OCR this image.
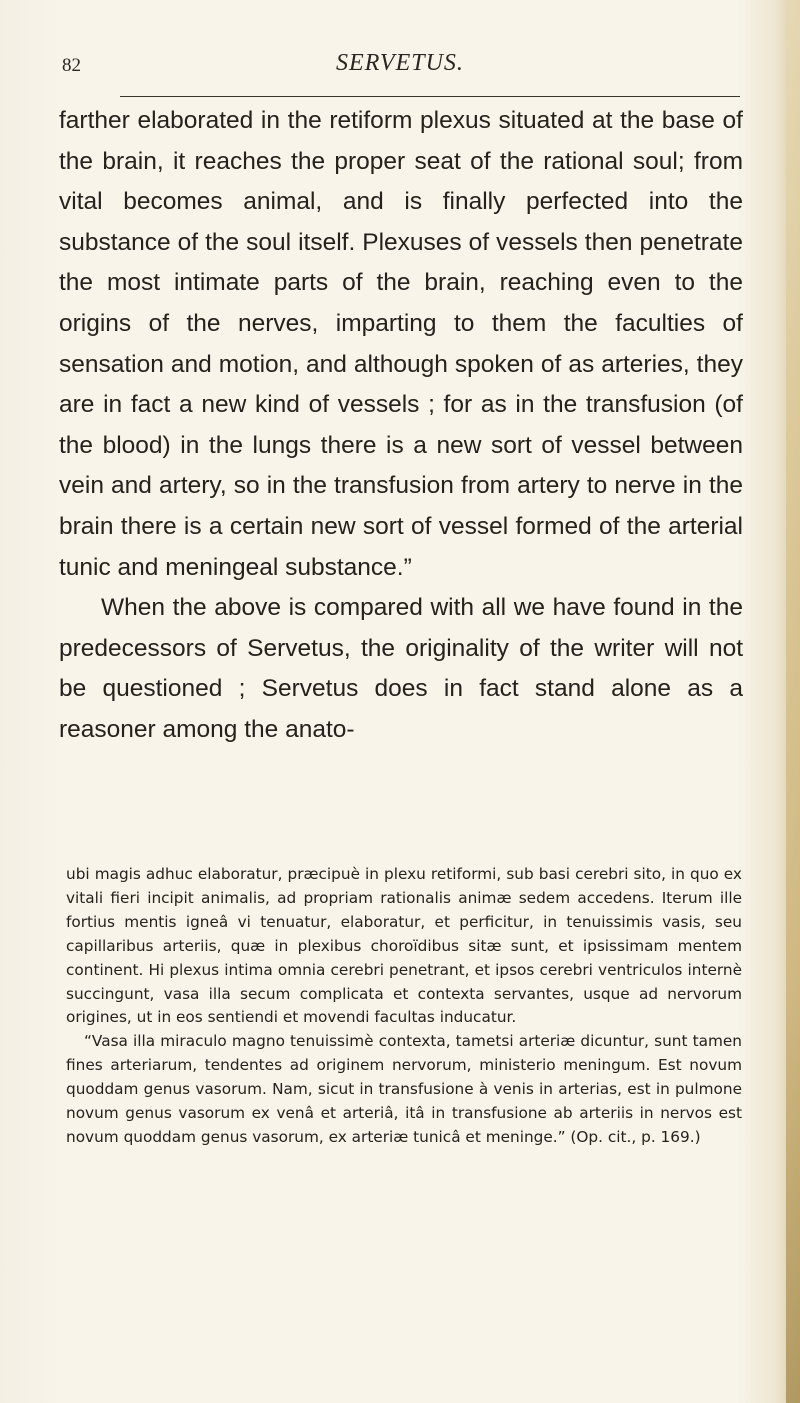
82	SERVETUS.

farther elaborated in the retiform plexus situated at the base of the brain, it reaches the proper seat of the rational soul; from vital becomes animal, and is finally perfected into the substance of the soul itself. Plexuses of vessels then penetrate the most intimate parts of the brain, reaching even to the origins of the nerves, imparting to them the faculties of sensation and motion, and although spoken of as arteries, they are in fact a new kind of vessels ; for as in the transfusion (of the blood) in the lungs there is a new sort of vessel between vein and artery, so in the transfusion from artery to nerve in the brain there is a certain new sort of vessel formed of the arterial tunic and meningeal substance.”

When the above is compared with all we have found in the predecessors of Servetus, the originality of the writer will not be questioned ; Servetus does in fact stand alone as a reasoner among the anato-

ubi magis adhuc elaboratur, præcipuè in plexu retiformi, sub basi cerebri sito, in quo ex vitali fieri incipit animalis, ad propriam rationalis animæ sedem accedens. Iterum ille fortius mentis igneâ vi tenuatur, elaboratur, et perficitur, in tenuissimis vasis, seu capillaribus arteriis, quæ in plexibus choroïdibus sitæ sunt, et ipsissimam mentem continent. Hi plexus intima omnia cerebri penetrant, et ipsos cerebri ventriculos internè succingunt, vasa illa secum complicata et contexta servantes, usque ad nervorum origines, ut in eos sentiendi et movendi facultas inducatur.

“Vasa illa miraculo magno tenuissimè contexta, tametsi arteriæ dicuntur, sunt tamen fines arteriarum, tendentes ad originem nervorum, ministerio meningum. Est novum quoddam genus vasorum. Nam, sicut in transfusione à venis in arterias, est in pulmone novum genus vasorum ex venâ et arteriâ, itâ in transfusione ab arteriis in nervos est novum quoddam genus vasorum, ex arteriæ tunicâ et meninge.” (Op. cit., p. 169.)
